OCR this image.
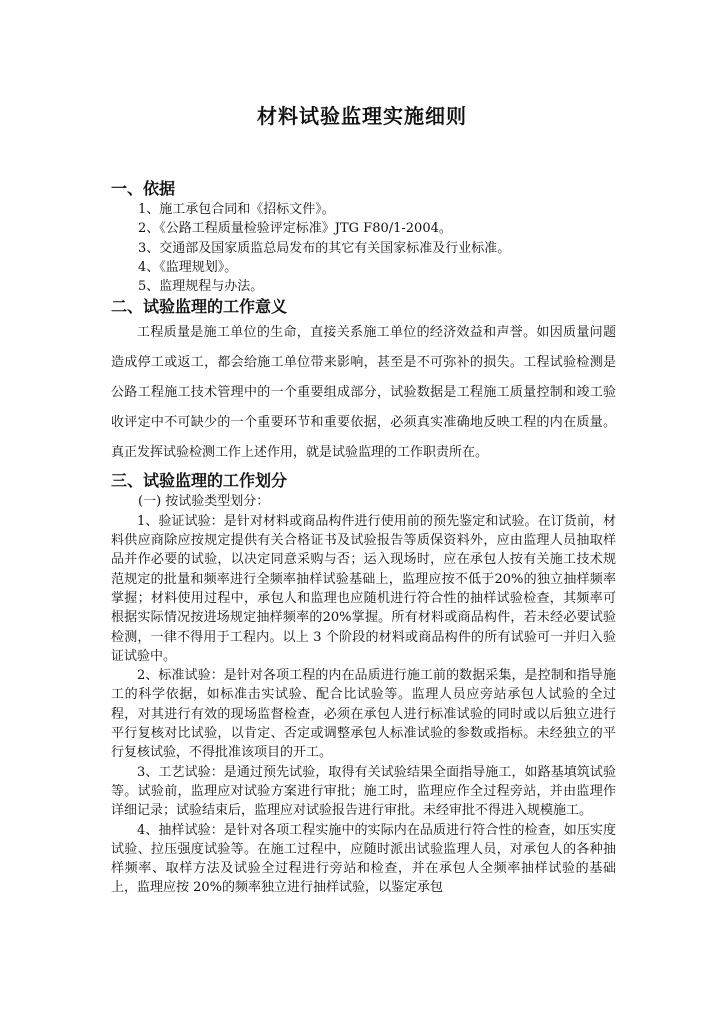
材料试验监理实施细则
一、依据

1、施工承包合同和《招标文件》。

2、《公路工程质量检验评定标准》JTG F80/1-2004。

3、交通部及国家质监总局发布的其它有关国家标准及行业标准。

4、《监理规划》。

5、监理规程与办法。

二、试验监理的工作意义

工程质量是施工单位的生命，直接关系施工单位的经济效益和声誉。如因质量问题造成停工或返工，都会给施工单位带来影响，甚至是不可弥补的损失。工程试验检测是公路工程施工技术管理中的一个重要组成部分，试验数据是工程施工质量控制和竣工验收评定中不可缺少的一个重要环节和重要依据，必须真实准确地反映工程的内在质量。真正发挥试验检测工作上述作用，就是试验监理的工作职责所在。

三、试验监理的工作划分

(一) 按试验类型划分：

1、验证试验：是针对材料或商品构件进行使用前的预先鉴定和试验。在订货前，材料供应商除应按规定提供有关合格证书及试验报告等质保资料外，应由监理人员抽取样品并作必要的试验，以决定同意采购与否；运入现场时，应在承包人按有关施工技术规范规定的批量和频率进行全频率抽样试验基础上，监理应按不低于20%的独立抽样频率掌握；材料使用过程中，承包人和监理也应随机进行符合性的抽样试验检查，其频率可根据实际情况按进场规定抽样频率的20%掌握。所有材料或商品构件，若未经必要试验检测，一律不得用于工程内。以上 3 个阶段的材料或商品构件的所有试验可一并归入验证试验中。

2、标准试验：是针对各项工程的内在品质进行施工前的数据采集，是控制和指导施工的科学依据，如标准击实试验、配合比试验等。监理人员应旁站承包人试验的全过程，对其进行有效的现场监督检查，必须在承包人进行标准试验的同时或以后独立进行平行复核对比试验，以肯定、否定或调整承包人标准试验的参数或指标。未经独立的平行复核试验，不得批准该项目的开工。

3、工艺试验：是通过预先试验，取得有关试验结果全面指导施工，如路基填筑试验等。试验前，监理应对试验方案进行审批；施工时，监理应作全过程旁站，并由监理作详细记录；试验结束后，监理应对试验报告进行审批。未经审批不得进入规模施工。

4、抽样试验：是针对各项工程实施中的实际内在品质进行符合性的检查，如压实度试验、拉压强度试验等。在施工过程中，应随时派出试验监理人员，对承包人的各种抽样频率、取样方法及试验全过程进行旁站和检查，并在承包人全频率抽样试验的基础上，监理应按 20%的频率独立进行抽样试验，以鉴定承包
